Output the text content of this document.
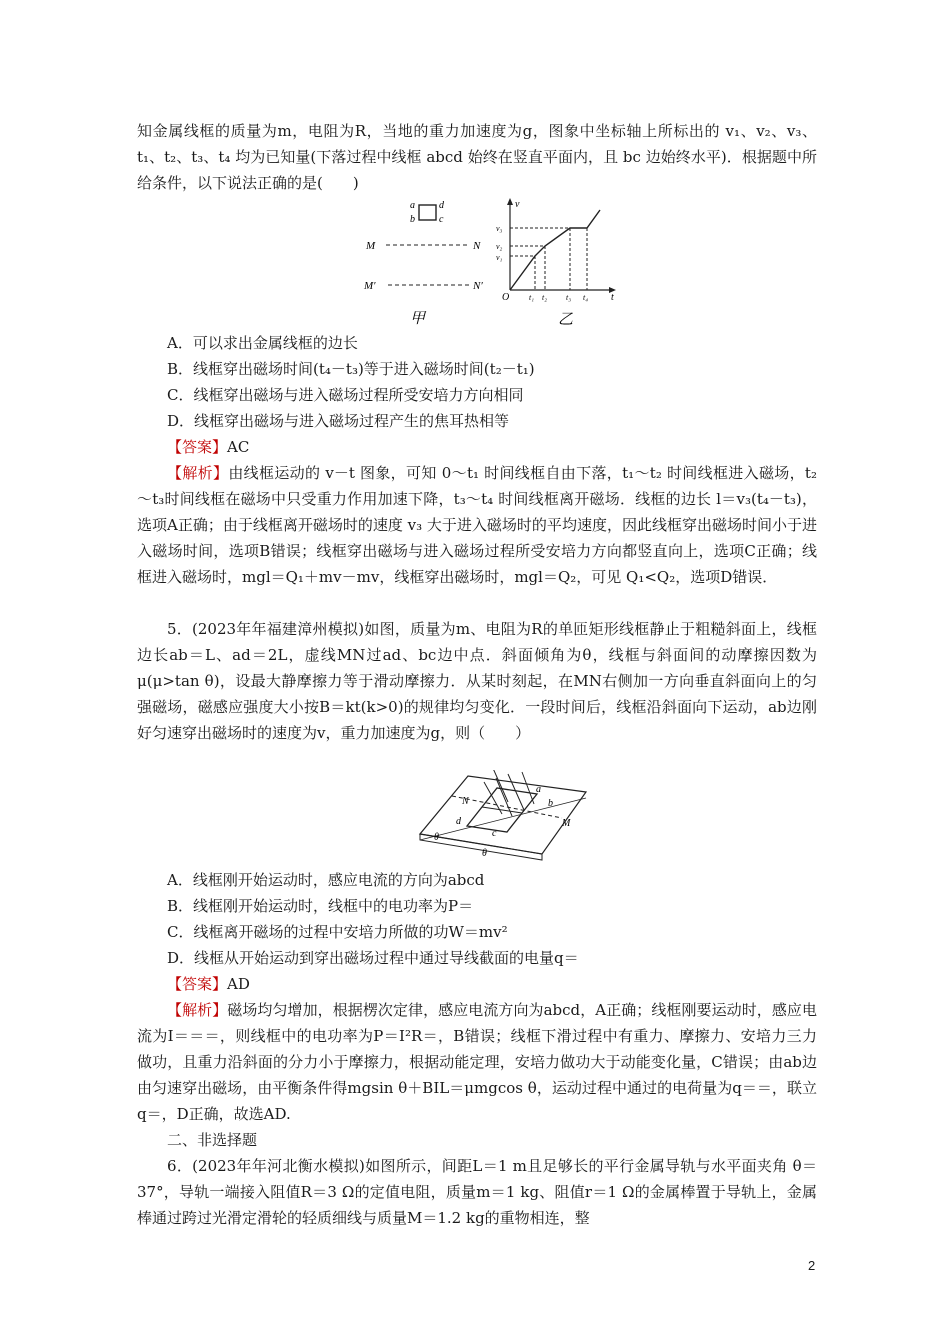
知金属线框的质量为m，电阻为R，当地的重力加速度为g，图象中坐标轴上所标出的 v₁、v₂、v₃、t₁、t₂、t₃、t₄ 均为已知量(下落过程中线框 abcd 始终在竖直平面内，且 bc 边始终水平)．根据题中所给条件，以下说法正确的是(　　)

a
b
d
c
M	N
M′	N′
甲
v
t
O
v₁
v₂
v₃
t₁ t₂ t₃ t₄
乙

A．可以求出金属线框的边长

B．线框穿出磁场时间(t₄－t₃)等于进入磁场时间(t₂－t₁)

C．线框穿出磁场与进入磁场过程所受安培力方向相同

D．线框穿出磁场与进入磁场过程产生的焦耳热相等

【答案】AC

【解析】由线框运动的 v－t 图象，可知 0～t₁ 时间线框自由下落，t₁～t₂ 时间线框进入磁场，t₂～t₃时间线框在磁场中只受重力作用加速下降，t₃～t₄ 时间线框离开磁场．线框的边长 l＝v₃(t₄－t₃)，选项A正确；由于线框离开磁场时的速度 v₃ 大于进入磁场时的平均速度，因此线框穿出磁场时间小于进入磁场时间，选项B错误；线框穿出磁场与进入磁场过程所受安培力方向都竖直向上，选项C正确；线框进入磁场时，mgl＝Q₁＋mv－mv，线框穿出磁场时，mgl＝Q₂，可见 Q₁<Q₂，选项D错误．

5．(2023年年福建漳州模拟)如图，质量为m、电阻为R的单匝矩形线框静止于粗糙斜面上，线框边长ab＝L、ad＝2L，虚线MN过ad、bc边中点．斜面倾角为θ，线框与斜面间的动摩擦因数为μ(μ>tan θ)，设最大静摩擦力等于滑动摩擦力．从某时刻起，在MN右侧加一方向垂直斜面向上的匀强磁场，磁感应强度大小按B＝kt(k>0)的规律均匀变化．一段时间后，线框沿斜面向下运动，ab边刚好匀速穿出磁场时的速度为v，重力加速度为g，则（　　）

N
M
d
c
a
b
θ
θ

A．线框刚开始运动时，感应电流的方向为abcd

B．线框刚开始运动时，线框中的电功率为P＝

C．线框离开磁场的过程中安培力所做的功W＝mv²

D．线框从开始运动到穿出磁场过程中通过导线截面的电量q＝

【答案】AD

【解析】磁场均匀增加，根据楞次定律，感应电流方向为abcd，A正确；线框刚要运动时，感应电流为I＝＝＝，则线框中的电功率为P＝I²R＝，B错误；线框下滑过程中有重力、摩擦力、安培力三力做功，且重力沿斜面的分力小于摩擦力，根据动能定理，安培力做功大于动能变化量，C错误；由ab边由匀速穿出磁场，由平衡条件得mgsin θ＋BIL＝μmgcos θ，运动过程中通过的电荷量为q＝＝，联立q＝，D正确，故选AD.

二、非选择题

6．(2023年年河北衡水模拟)如图所示，间距L＝1 m且足够长的平行金属导轨与水平面夹角 θ＝37°，导轨一端接入阻值R＝3 Ω的定值电阻，质量m＝1 kg、阻值r＝1 Ω的金属棒置于导轨上，金属棒通过跨过光滑定滑轮的轻质细线与质量M＝1.2 kg的重物相连，整

2
